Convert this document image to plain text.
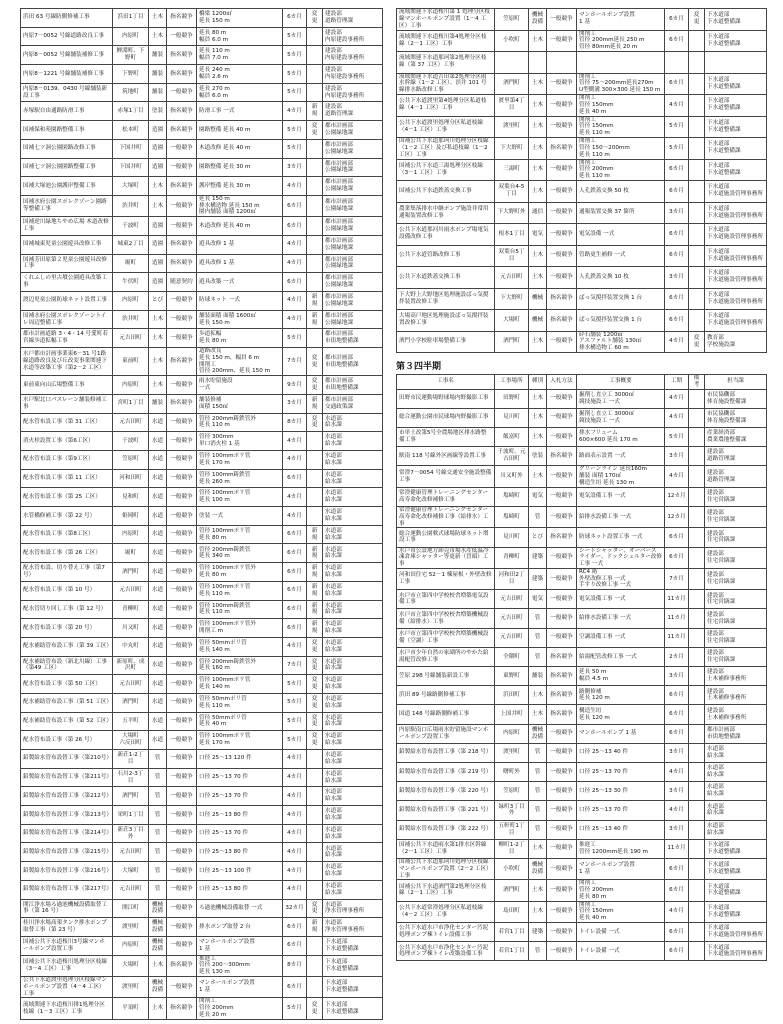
浜田 63 号線防側修補工事	浜田1丁目	土木	指名競争	橋梁 1200㎡
延長 150 m	6カ月	変更	建設部
道路管理課
内原7－0052 号線道路改良工事	内原町	土木	一般競争	延長 80 m
幅員 6.0 m	5カ月		建設部
内原建設事務所
内原8－0052 号線舗装補修工事	鯉淵町、下野町	舗装	指名競争	延長 110 m
幅員 7.0 m	5カ月		建設部
内原建設事務所
内原8－1221 号線舗装補修工事	下野町	舗装	指名競争	延長 240 m
幅員 2.6 m	5カ月		建設部
内原建設事務所
内原8－0139、0430 号線舗装新設工事	筑地町	舗装	一般競争	延長 270 m
幅員 6.0 m	5カ月		建設部
内原建設事務所
赤塚駅自由通路防滑工事	赤塚1丁目	塗装	指名競争	防滑工事 一式	4カ月	新規	建設部
道路管理課
国補保和苑園路整備工事	松本町	造園	指名競争	園路整備 延長 40 m	5カ月	変更	都市計画部
公園緑地課
国補七ツ洞公園園路改修工事	下国井町	造園	一般競争	木道改修 延長 40 m	5カ月		都市計画部
公園緑地課
国補七ツ洞公園園路整備工事	下国井町	造園	一般競争	園路整備 延長 30 m	3カ月		都市計画部
公園緑地課
国補大塚池公園護岸整備工事	大塚町	土木	指名競争	護岸整備 延長 30 m	4カ月		都市計画部
公園緑地課
国補水府公園スポレクゾーン園路等整備工事	渋井町	土木	一般競争	延長 150 m
排水構造物 延長 150 m
園内舗装 面積 1200㎡	6カ月		都市計画部
公園緑地課
国補逆川緑地ちやめ広場 木道改修工事	千波町	造園	一般競争	木道改修 延長 40 m	6カ月		都市計画部
公園緑地課
国補城東児童公園遊具改修工事	城東2丁目	造園	指名競争	遊具改修 1 基	4カ月		都市計画部
公園緑地課
国補芳田原第２児童公園遊具改修工事	堀町	造園	指名競争	遊具改修 1 基	4カ月		都市計画部
公園緑地課
くれふしの里古墳公園遊具改築工事	牛伏町	造園	随意契約	遊具改築 一式	6カ月		都市計画部
公園緑地課
渡辺児童公園防球ネット設置工事	内原町	とび	一般競争	防球ネット 一式	4カ月	新規	都市計画部
公園緑地課
国補水府公園スポレクゾーントイレ周辺整備工事	渋井町	土木	一般競争	舗装面積 面積 1600㎡
延長 150 m	4カ月	新規	都市計画部
公園緑地課
都市計画道路 3・4・14 号愛町若宮線歩道拡幅工事	元吉田町	土木	一般競争	歩道拡幅
延長 80 m	5カ月		都市計画部
市街地整備課
水戸都市計画事業東6－31 号1路線道路改良及び丘改変事業関連下水道等改築工事（第2－2 工区）	東前町	土木	指名競争	道路改良
延長 150 m、幅員 6 m
開削工
管径 200mm、延長 150 m	7カ月	変更	都市計画部
市街地整備課
東前東向山広場整備工事	内原町	土木	一般競争	雨水貯留施設
一式	9カ月	変更	都市計画部
市街地整備課
水戸駅北口バスレーン舗装修補工事	宮町1丁目	舗装	指名競争	舗装修補
面積 150㎡	3カ月	新規	都市計画部
交通政策課
配水管布設工事（第 31 工区）	元吉田町	水道	一般競争	管径 200mm鋳鉄管外
延長 110 m	8カ月	変更	水道部
給水課
消火栓設置工事（第6工区）	千波町	水道	一般競争	管径 300mm
単口消火栓 1 基	4カ月		水道部
給水課
配水管布設工事（第9工区）	笠原町	水道	一般競争	管径 100mmポリ管
延長 170 m	4カ月		水道部
給水課
配水管布設工事（第 11 工区）	河和田町	水道	一般競争	管径 100mm鋳鉄管
延長 260 m	6カ月		水道部
給水課
配水管布設工事（第 25 工区）	見和町	水道	一般競争	管径 100mmポリ管
延長 100 m	4カ月		水道部
給水課
水管橋修補工事（第 22 号）	姫岡町	水道	一般競争	塗装 一式	4カ月		水道部
給水課
配水管布設工事（第8工区）	内原町	水道	一般競争	管径 100mmポリ管
延長 80 m	6カ月	新規	水道部
給水課
配水管布設工事（第 26 工区）	堀町	水道	一般競争	管径 200mm鋳鉄管
延長 340 m	6カ月	新規	水道部
給水課
配水管布設、切り替え工事（第7号）	酒門町	水道	一般競争	管径 100mmポリ管外
延長 80 m	6カ月	新規	水道部
給水課
配水管布設工事（第 10 号）	元吉田町	水道	一般競争	管径 100mmポリ管
延長 110 m	6カ月	新規	水道部
給水課
配水管切り回し工事（第 12 号）	青柳町	水道	一般競争	管径 100mm鋳鉄管
延長 110 m	6カ月	新規	水道部
給水課
配水管布設工事（第 20 号）	川又町	水道	一般競争	管径 100mmポリ管外
開削工 m	6カ月	新規	水道部
給水課
配水補助管布設工事（第 39 工区）	中丸町	水道	一般競争	管径 50mmポリ管
延長 140 m	4カ月	変更	水道部
給水課
配水補助管布設（新北川線）工事（第49 工区）	新原町、成沢町	水道	一般競争	管径 200mm鋳鉄管外
延長 160 m	7カ月	変更	水道部
給水課
配水管布設工事（第 50 工区）	元吉田町	水道	一般競争	管径 100mmポリ管
延長 140 m	5カ月	変更	水道部
給水課
配水補助管布設工事（第 51 工区）	酒門町	水道	一般競争	管径 50mmポリ管
延長 110 m	5カ月	変更	水道部
給水課
配水補助管布設工事（第 52 工区）	五平町	水道	一般競争	管径 50mmポリ管
延長 40 m	5カ月	変更	水道部
給水課
配水管布設工事（第 26 号）	大場町
六反田町	水道	一般競争	管径 100mmポリ管
延長 170 m	5カ月	変更	水道部
給水課
鉛製給水管布設替工事（第210号）	新荘1-2丁目	管	一般競争	口径 25～13 120 件	4カ月		水道部
給水課
鉛製給水管布設替工事（第211号）	石川2-3丁目	管	一般競争	口径 25～13 70 件	4カ月		水道部
給水課
鉛製給水管布設替工事（第212号）	酒門町	管	一般競争	口径 25～13 70 件	4カ月		水道部
給水課
鉛製給水管布設替工事（第213号）	栄町1丁目	管	一般競争	口径 25～13 80 件	4カ月		水道部
給水課
鉛製給水管布設替工事（第214号）	新荘3丁目外	管	一般競争	口径 25～13 70 件	4カ月		水道部
給水課
鉛製給水管布設替工事（第215号）	元吉田町	管	一般競争	口径 25～13 80 件	4カ月		水道部
給水課
鉛製給水管布設替工事（第216号）	大塚町	管	一般競争	口径 25～13 100 件	4カ月		水道部
給水課
鉛製給水管布設替工事（第217号）	元吉田町	管	一般競争	口径 25～13 80 件	4カ月		水道部
給水課
開江浄水場ろ過池機械設備取替工事（第 16 号）	開江町	機械設備	一般競争	ろ過池機械設備取替 一式	32カ月	変更	水道部
浄水管理事務所
桂川浄水場高架タンク排水ポンプ取替工事（第 23 号）	渡里町	機械設備	一般競争	排水ポンプ取替 2 台	6カ月	新規	水道部
浄水管理事務所
国補公共下水道桜川3号線マンホールポンプ設置工事	内原町	機械設備	一般競争	マンホールポンプ設置
1 基	6カ月		下水道部
下水道整備課
国補公共下水道桜川処理分区枝線（3－4 工区）工事	大場町	土木	指名競争	推進工
管径 200～300mm
延長 130 m	8カ月		下水道部
下水道整備課
公共下水道渡里処理分区枝線マンホールポンプ設置（4－4 工区）工事	渡里町	機械設備	一般競争	マンホールポンプ設置
1 基	6カ月		下水道部
下水道整備課
流域関連下水道桜川排1処理分区枝線（1－3 工区）工事	平須町	土木	指名競争	開削工
管径 200mm
延長 20 m	5カ月	変更	下水道部
下水道整備課
流域関連下水道桜川第 1 処理分区枝線マンホールポンプ設置（1－4 工区）工事	笠原町	機械設備	一般競争	マンホールポンプ設置
1 基	6カ月	変更	下水道部
下水道整備課
流域関連下水道桜川第4処理分区枝線（2－1 工区）工事	小吹町	土木	一般競争	開削工
管径 200mm延長 250 m
管径 80mm延長 20 m	6カ月		下水道部
下水道整備課
流域関連下水道那珂第2処理分区枝線（第 37 工区）工事							
流域関連下水道吉田第2処理分区雨水幹線（1－2 工区）、渋井 101 号線排水路改修工事	酒門町	土木	一般競争	開削工
管径 75～200mm延長270m
U型側溝 300×300 延長 150 m	6カ月		下水道部
下水道整備課
公共下水道渡里第4処理分区私道枝線（4－1 工区）工事	渡里第4丁目	土木	一般競争	開削工
管径 150mm
延長 40 m	4カ月		下水道部
下水道整備課
公共下水道渡里処理分区私道枝線（4－1 工区）工事	渡里町	土木	一般競争	開削工
管径 150mm
延長 110 m	5カ月		下水道部
下水道整備課
国補公共下水道那珂川処理分区枝線（1－2 工区）及び私道枝線（1－2 工区）工事	下大野町	土木	指名競争	開削工
管径 150～200mm
延長 110 m	5カ月		下水道部
下水道整備課
国補公共下水道三湯処理分区枝線（3－1 工区）工事	三湯町	土木	一般競争	開削工
管径 200mm
延長 110 m	6カ月		下水道部
下水道整備課
国補公共下水道鉄蓋交換工事	双葉台4-5丁目	土木	一般競争	人孔鉄蓋交換 50 枚	6カ月		下水道部
下水道施設管理事務所
農業集落排水中継ポンプ施設非常用通報装置改修工事	下大野町外	通信	一般競争	通報装置交換 37 箇所	3カ月		下水道部
下水道施設管理事務所
公共下水道那河川雨水ポンプ場電気設備改修工事	根本1丁目	電気	一般競争	電気設備 一式	6カ月		下水道部
下水道施設管理事務所
公共下水道管路改修工事	双葉台5丁目	土木	一般競争	管路更生補修 一式	6カ月		下水道部
下水道施設管理事務所
公共下水道鉄蓋交換工事	元吉田町	土木	一般競争	人孔鉄蓋交換 10 枚	3カ月		下水道部
下水道施設管理事務所
下大野上大野地区処理施設ばっ気撹拌装置改修工事	下大野町	機械	指名競争	ばっ気撹拌装置交換 1 台	6カ月		下水道部
下水道施設管理事務所
大場高戸地区処理施設ばっ気撹拌装置改修工事	大場町	機械	指名競争	ばっ気撹拌装置交換 1 台	6カ月		下水道部
下水道施設管理事務所
酒門小学校駐車場整備工事	酒門町	土木	一般競争	砕石舗装 1200㎡
アスファルト舗装 130㎡
排水構造物工 60 m	4カ月	変更	教育部
学校施設課
第３四半期
工事名	工事場所	種別	入札方法	工事概要	工期	備考	担当課
田野市民運動場野球場内野撮影工事	田野町	土木	一般競争	掘削し直立工 3000㎡
競技施設工 一式	4カ月		市民協働部
体育施設整備課
総合運動公園市民球場内野撮影工事	見川町	土木	一般競争	掘削し直立工 3000㎡
競技施設工 一式	4カ月		市民協働部
体育施設整備課
市単土改第5号全農場地区排水路整備工事	飯富町	土木	一般競争	排水フリューム
600×600 延長 170 m	5カ月		産業経済部
農業農地整備課
駅南 118 号線外区画線等設置工事	千波町、元吉田町	塗装	指名競争	路面表示設置 一式	3カ月		建設部
道路管理課
常澄7－0054 号線交通安全施設整備工事	川又町外	土木	一般競争	グリーンライン 延長160m
舗装 面積 170㎡
構造生垣 延長 130 m	4カ月		建設部
道路管理課
常澄健康管理トレーニングセンター高寿命化改修補修工事	塩崎町	電気	一般競争	電気設備工事 一式	12カ月		建設部
住宅営繕課
常澄健康管理トレーニングセンター高寿命化改修補修工事（給排水）工事	塩崎町	管	一般競争	給排水設備工事 一式	12カ月		建設部
住宅営繕課
総合運動公園軟式球場防球ネット増設工事	見川町	とび	指名競争	防球ネット設置工事 一式	6カ月		建設部
住宅営繕課
水戸市公設地方卸売市場水産低温冷凍倉庫シャッター等更新（冒頭）工事	青柳町	建築	一般競争	シートシャッター、オーバースライダー、ドックシェルター改修工事 一式	6カ月		建設部
住宅営繕課
河和田住宅 52－1 棟屋根・外壁改修工事	河和田2丁目	建築	一般競争	RC4 階
外壁改修工事 一式
手すり改修工事 一式	7カ月		建設部
住宅営繕課
水戸市立第四中学校校舎増築電気設備工事	元吉田町	電気	一般競争	電気設備工事 一式	11カ月		建設部
住宅営繕課
水戸市立第四中学校校舎増築機械設備（給排水）工事	元吉田町	管	一般競争	給排水設備工事 一式	11カ月		建設部
住宅営繕課
水戸市立第四中学校校舎増築機械設備（空調）工事	元吉田町	管	一般競争	空調設備工事 一式	11カ月		建設部
住宅営繕課
水戸市少年自然の家副所のやかた給湯配管改修工事	全隈町	管	指名競争	給湯配管改修工事 一式	2カ月		建設部
住宅営繕課
笠原 298 号線舗装新設工事	東野町	舗装	指名競争	延長 50 m
幅員 4.5 m	3カ月		建設部
土木補修事務所
浜田 89 号線路側修補工事	浜田町	土木	指名競争	路側修補
延長 120 m	6カ月		建設部
土木補修事務所
国道 148 号線路側修補工事	上国井町	土木	指名競争	構造生垣
延長 120 m	6カ月		建設部
土木補修事務所
内原駅南口広場雨水貯留施設マンホールポンプ設置工事	内原町	機械設備	一般競争	マンホールポンプ 1 基	6カ月		都市計画部
市街地整備課
鉛製給水管布設替工事（第 218 号）	渡里町	管	一般競争	口径 25～13 40 件	3カ月		水道部
給水課
鉛製給水管布設替工事（第 219 号）	曙町外	管	一般競争	口径 25～13 70 件	4カ月		水道部
給水課
鉛製給水管布設替工事（第 220 号）	笠原町	管	一般競争	口径 25～13 30 件	3カ月		水道部
給水課
鉛製給水管布設替工事（第 221 号）	緑町3丁目外	管	一般競争	口径 25～13 70 件	4カ月		水道部
給水課
鉛製給水管布設替工事（第 222 号）	五軒町1丁目	管	一般競争	口径 25～13 40 件	3カ月		水道部
給水課
国補公共下水道雨水第1排水区幹線（2－1 工区）工事	柳町1-2丁目	土木	一般競争	推進工
管径 1200mm延長 190 m	11カ月		下水道部
下水道整備課
国補公共下水道那珂川処理分区枝線マンホールポンプ設置（2－2 工区）工事	小吹町	機械設備	一般競争	マンホールポンプ設置
1 基	6カ月		下水道部
下水道整備課
国補公共下水道酒門第2処理分区枝線（2－1 工区）工事	酒門町	土木	一般競争	開削工
管径 200mm
延長 80 m	6カ月		下水道部
下水道整備課
公共下水道常澄処理分区私道枝線（4－2 工区）工事	島田町	土木	一般競争	開削工
管径 150mm
延長 40 m	4カ月		下水道部
下水道整備課
公共下水道水戸市浄化センター汚泥処理ポンプ棟トイレ設備工事	若宮1丁目	建築	一般競争	トイレ設備 一式	6カ月		下水道部
下水道施設管理事務所
公共下水道水戸市浄化センター汚泥処理ポンプ棟トイレ改築設備工事	若宮1丁目	管	一般競争	トイレ設備 一式	6カ月		下水道部
下水道施設管理事務所
